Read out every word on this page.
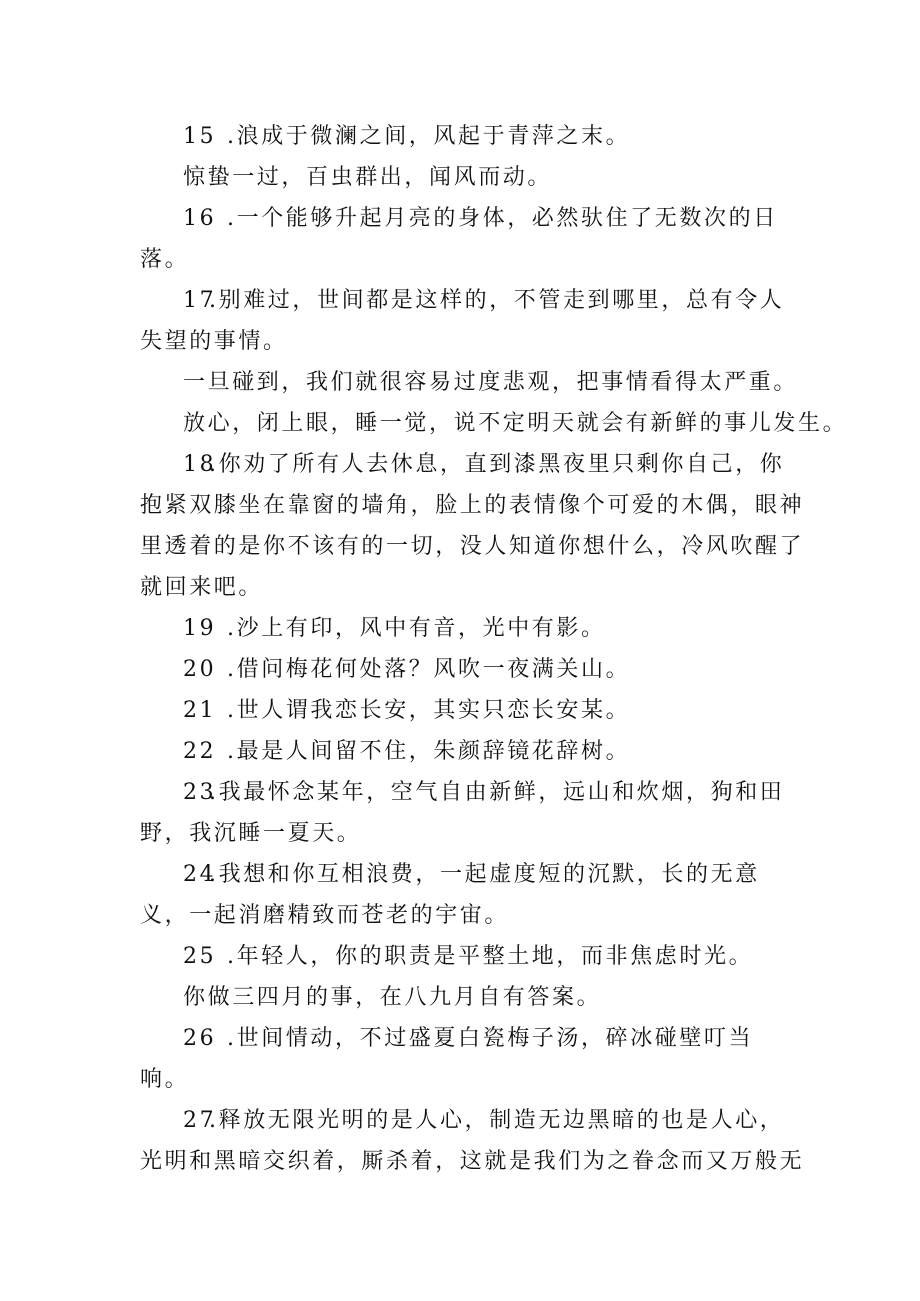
15 .浪成于微澜之间，风起于青萍之末。
惊蛰一过，百虫群出，闻风而动。
16 .一个能够升起月亮的身体，必然驮住了无数次的日
落。
17.别难过，世间都是这样的，不管走到哪里，总有令人
失望的事情。
一旦碰到，我们就很容易过度悲观，把事情看得太严重。
放心，闭上眼，睡一觉，说不定明天就会有新鲜的事儿发生。
18.你劝了所有人去休息，直到漆黑夜里只剩你自己，你
抱紧双膝坐在靠窗的墙角，脸上的表情像个可爱的木偶，眼神
里透着的是你不该有的一切，没人知道你想什么，冷风吹醒了
就回来吧。
19 .沙上有印，风中有音，光中有影。
20 .借问梅花何处落？风吹一夜满关山。
21 .世人谓我恋长安，其实只恋长安某。
22 .最是人间留不住，朱颜辞镜花辞树。
23.我最怀念某年，空气自由新鲜，远山和炊烟，狗和田
野，我沉睡一夏天。
24.我想和你互相浪费，一起虚度短的沉默，长的无意
义，一起消磨精致而苍老的宇宙。
25 .年轻人，你的职责是平整土地，而非焦虑时光。
你做三四月的事，在八九月自有答案。
26 .世间情动，不过盛夏白瓷梅子汤，碎冰碰壁叮当
响。
27.释放无限光明的是人心，制造无边黑暗的也是人心，
光明和黑暗交织着，厮杀着，这就是我们为之眷念而又万般无
